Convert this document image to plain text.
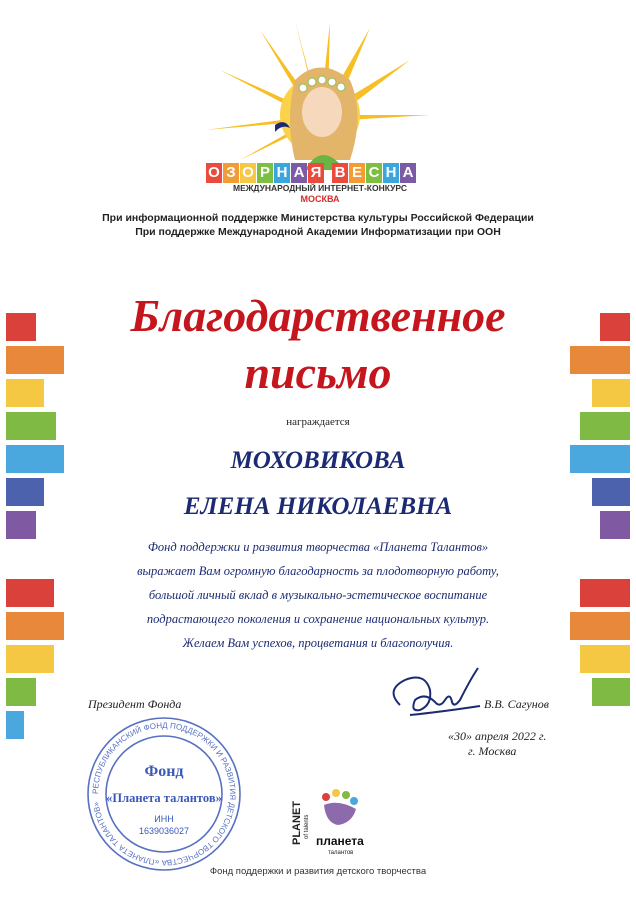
О З О Р Н А Я В Е С Н А
МЕЖДУНАРОДНЫЙ ИНТЕРНЕТ-КОНКУРС
МОСКВА
При информационной поддержке Министерства культуры Российской Федерации
При поддержке Международной Академии Информатизации при ООН
Благодарственное
письмо
награждается
МОХОВИКОВА
ЕЛЕНА НИКОЛАЕВНА
Фонд поддержки и развития творчества «Планета Талантов»
выражает Вам огромную благодарность за плодотворную работу,
большой личный вклад в музыкально-эстетическое воспитание
подрастающего поколения и сохранение национальных культур.
Желаем Вам успехов, процветания и благополучия.
Президент Фонда	В.В. Сагунов
«30» апреля 2022 г.
г. Москва
РЕСПУБЛИКАНСКИЙ ФОНД ПОДДЕРЖКИ И РАЗВИТИЯ ДЕТСКОГО ТВОРЧЕСТВА «ПЛАНЕТА ТАЛАНТОВ»
Фонд
«Планета талантов»
ИНН
1639036027	PLANET of talents
планета
талантов
Фонд поддержки и развития детского творчества
